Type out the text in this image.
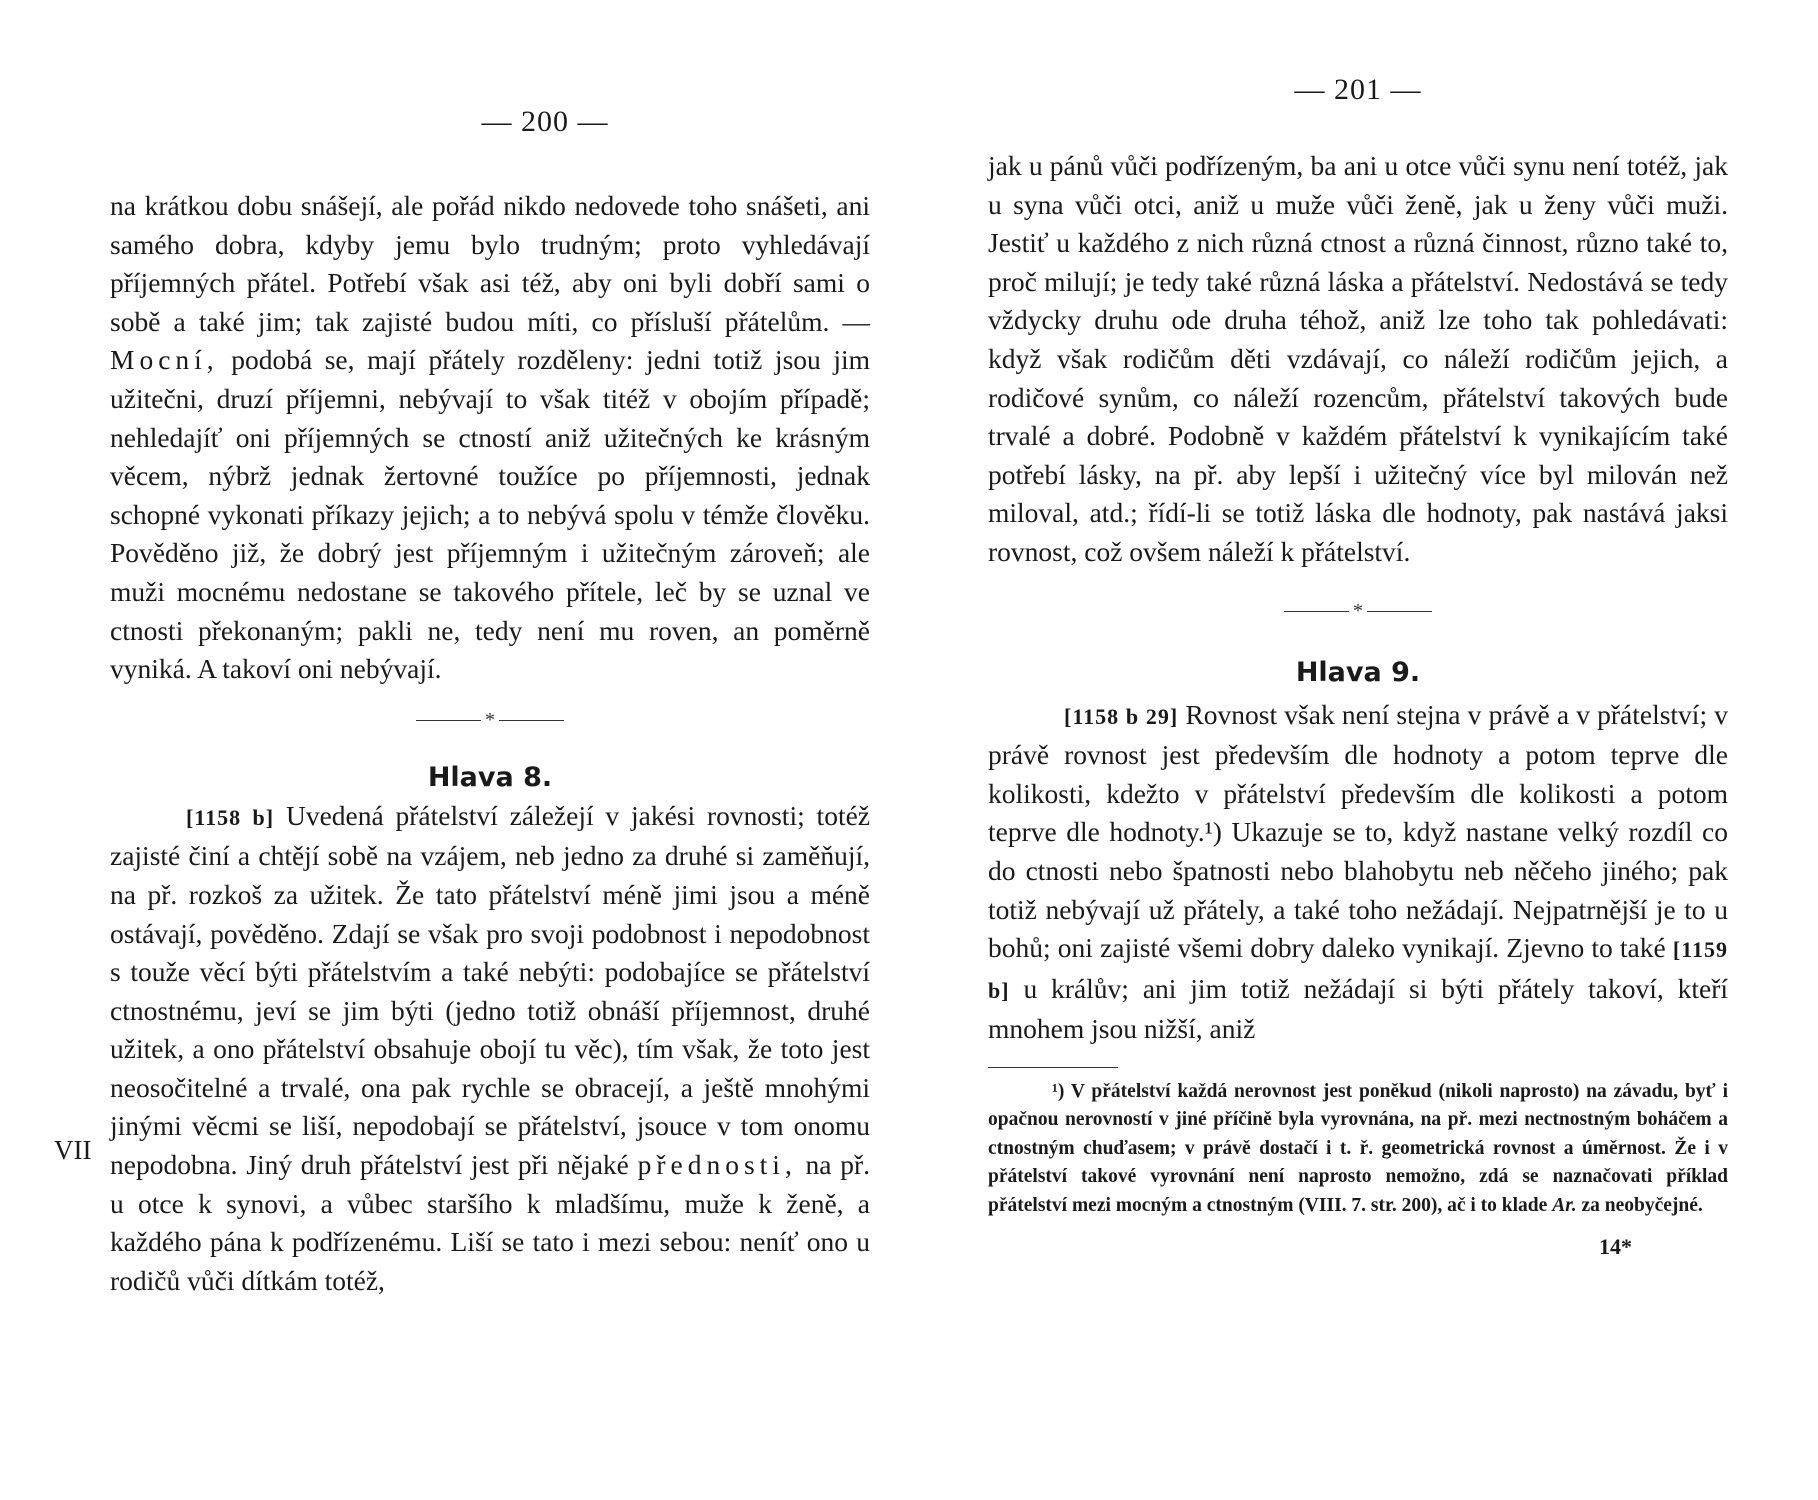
— 200 —

na krátkou dobu snášejí, ale pořád nikdo nedovede toho snášeti, ani samého dobra, kdyby jemu bylo trudným; proto vyhledávají příjemných přátel. Potřebí však asi též, aby oni byli dobří sami o sobě a také jim; tak zajisté budou míti, co přísluší přátelům. — Mocní, podobá se, mají přátely rozděleny: jedni totiž jsou jim užitečni, druzí příjemni, nebývají to však titéž v obojím případě; nehledajíť oni příjemných se ctností aniž užitečných ke krásným věcem, nýbrž jednak žertovné toužíce po příjemnosti, jednak schopné vykonati příkazy jejich; a to nebývá spolu v témže člověku. Pověděno již, že dobrý jest příjemným i užitečným zároveň; ale muži mocnému nedostane se takového přítele, leč by se uznal ve ctnosti překonaným; pakli ne, tedy není mu roven, an poměrně vyniká. A takoví oni nebývají.

*
Hlava 8.

[1158 b] Uvedená přátelství záležejí v jakési rovnosti; totéž zajisté činí a chtějí sobě na vzájem, neb jedno za druhé si zaměňují, na př. rozkoš za užitek. Že tato přátelství méně jimi jsou a méně ostávají, pověděno. Zdají se však pro svoji podobnost i nepodobnost s touže věcí býti přátelstvím a také nebýti: podobajíce se přátelství ctnostnému, jeví se jim býti (jedno totiž obnáší příjemnost, druhé užitek, a ono přátelství obsahuje obojí tu věc), tím však, že toto jest neosočitelné a trvalé, ona pak rychle se obracejí, a ještě mnohými jinými věcmi se liší, nepodobají se přátelství, jsouce v tom onomu nepodobna. Jiný druh přátelství jest při nějaké přednosti, na př. u otce k synovi, a vůbec staršího k mladšímu, muže k ženě, a každého pána k podřízenému. Liší se tato i mezi sebou: neníť ono u rodičů vůči dítkám totéž,

VII
— 201 —

jak u pánů vůči podřízeným, ba ani u otce vůči synu není totéž, jak u syna vůči otci, aniž u muže vůči ženě, jak u ženy vůči muži. Jestiť u každého z nich různá ctnost a různá činnost, různo také to, proč milují; je tedy také různá láska a přátelství. Nedostává se tedy vždycky druhu ode druha téhož, aniž lze toho tak pohledávati: když však rodičům děti vzdávají, co náleží rodičům jejich, a rodičové synům, co náleží rozencům, přátelství takových bude trvalé a dobré. Podobně v každém přátelství k vynikajícím také potřebí lásky, na př. aby lepší i užitečný více byl milován než miloval, atd.; řídí-li se totiž láska dle hodnoty, pak nastává jaksi rovnost, což ovšem náleží k přátelství.

*
Hlava 9.

[1158 b 29] Rovnost však není stejna v právě a v přátelství; v právě rovnost jest především dle hodnoty a potom teprve dle kolikosti, kdežto v přátelství především dle kolikosti a potom teprve dle hodnoty.¹) Ukazuje se to, když nastane velký rozdíl co do ctnosti nebo špatnosti nebo blahobytu neb něčeho jiného; pak totiž nebývají už přátely, a také toho nežádají. Nejpatrnější je to u bohů; oni zajisté všemi dobry daleko vynikají. Zjevno to také [1159 b] u králův; ani jim totiž nežádají si býti přátely takoví, kteří mnohem jsou nižší, aniž

¹) V přátelství každá nerovnost jest poněkud (nikoli naprosto) na závadu, byť i opačnou nerovností v jiné příčině byla vyrovnána, na př. mezi nectnostným boháčem a ctnostným chuďasem; v právě dostačí i t. ř. geometrická rovnost a úměrnost. Že i v přátelství takové vyrovnání není naprosto nemožno, zdá se naznačovati příklad přátelství mezi mocným a ctnostným (VIII. 7. str. 200), ač i to klade Ar. za neobyčejné.

14*
